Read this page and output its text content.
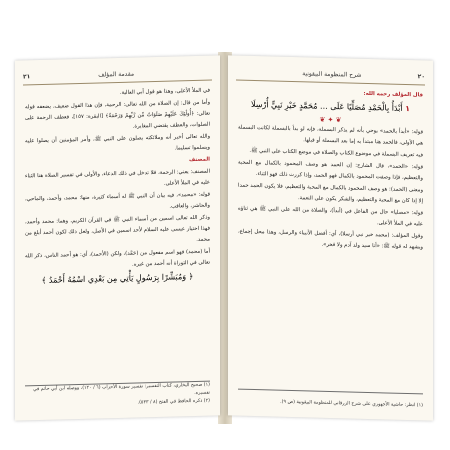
٢١	مقدمة المؤلف

في الملأ الأعلى، وهذا هو قول أبي العالية.

وأما من قال: إن الصلاة من الله تعالى: الرحمة، فإن هذا القول ضعيف، يضعفه قوله تعالى: ﴿أُولَٰئِكَ عَلَيْهِمْ صَلَوَاتٌ مِّن رَّبِّهِمْ وَرَحْمَةٌ﴾ [البقرة: ١٥٧]، فعطف الرحمة على الصلوات، والعطف يقتضي المغايرة.

والله تعالى أخبر أنه وملائكته يصلون على النبي ﷺ، وأمر المؤمنين أن يصلوا عليه ويسلموا تسليما.

المصنف

المصنف: يعني: الرحمة، فلا تدخل في ذلك الدعاء، والأولى في تفسير الصلاة هنا الثناء عليه في الملأ الأعلى.

قوله: «محمد»، فيه بيان أن النبي ﷺ له أسماء كثيرة، منها: محمد، وأحمد، والماحي، والحاشر، والعاقب.

وذكر الله تعالى اسمين من أسماء النبي ﷺ في القرآن الكريم، وهما: محمد وأحمد، فهذا اختيار عيسى عليه السلام لأحد اسمين في الأصل، ولعل ذلك لكون أحمد أبلغ من محمد.

أما (محمد) فهو اسم مفعول من (حَمَّد)، ولكن (الأحمد)، أي: هو أحمد الناس، ذكر الله تعالى في التوراة أنه أحمد من غيره.

﴿ وَمُبَشِّرًا بِرَسُولٍ يَأْتِي مِن بَعْدِي اسْمُهُ أَحْمَدُ ﴾

(١) صحيح البخاري، كتاب التفسير: تفسير سورة الأحزاب (٦ / ١٢٠)، ووصله ابن أبي حاتم في تفسيره.
(٢) ذكره الحافظ في الفتح (٨ / ٥٣٣).
شرح المنظومة البيقونية	٢٠

قال المؤلف رحمه الله:

١ أَبْدَأُ بِالْحَمْدِ مُصَلِّيًا عَلَى ... مُحَمَّدٍ خَيْرِ نَبِيٍّ أُرْسِلَا

❦ ✦ ❦

قوله: «أبدأ بالحمد» يوحي بأنه لم يذكر البسملة، فإنه لو بدأ بالبسملة لكانت البسملة هي الأولى، فالحمد هنا مبتدأ به إما بعد البسملة أو قبلها.

فيه تعريف البسملة في موضوع الكتاب والصلاة في موضع الكتاب على النبي ﷺ.

قوله: «الحمد»، قال الشارح: إن الحمد هو وصف المحمود بالكمال مع المحبة والتعظيم، فإذا وصفت المحمود بالكمال فهو الحمد، وإذا كررت ذلك فهو الثناء.

ومعنى (الحمد): هو وصف المحمود بالكمال مع المحبة والتعظيم، فلا يكون الحمد حمدا إلا إذا كان مع المحبة والتعظيم، والشكر يكون على النعمة.

قوله: «مصليا» حال من الفاعل في (أبدأ)، والصلاة من الله على النبي ﷺ هي ثناؤه عليه في الملأ الأعلى.

وقول المؤلف: (محمد خير نبي أرسلا)، أي: أفضل الأنبياء والرسل، وهذا محل إجماع، ويشهد له قوله ﷺ: «أنا سيد ولد آدم ولا فخر».

(١) انظر: حاشية الأجهوري على شرح الزرقاني للمنظومة البيقونية (ص ٩).
